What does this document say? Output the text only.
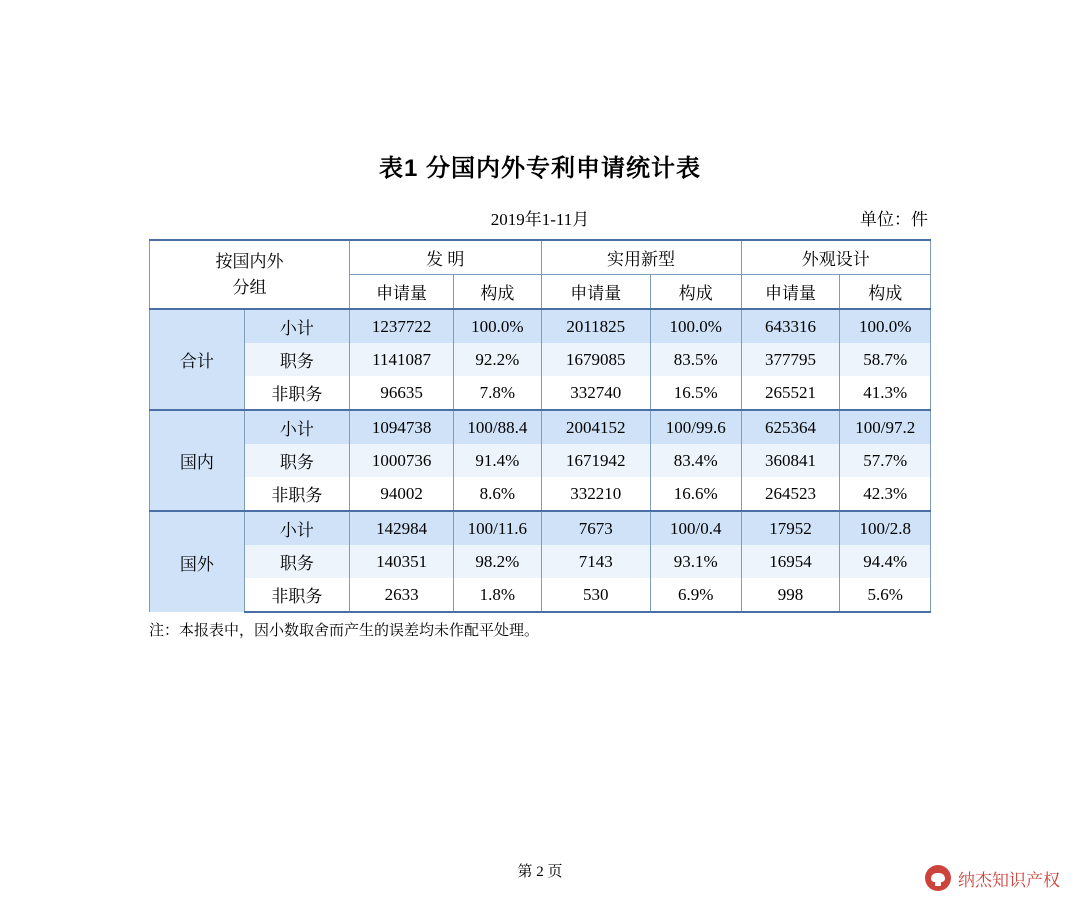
表1 分国内外专利申请统计表
2019年1-11月	单位：件
按国内外
分组		发 明		实用新型		外观设计	
		申请量	构成	申请量	构成	申请量	构成
合计	小计	1237722	100.0%	2011825	100.0%	643316	100.0%
	职务	1141087	92.2%	1679085	83.5%	377795	58.7%
	非职务	96635	7.8%	332740	16.5%	265521	41.3%
国内	小计	1094738	100/88.4	2004152	100/99.6	625364	100/97.2
	职务	1000736	91.4%	1671942	83.4%	360841	57.7%
	非职务	94002	8.6%	332210	16.6%	264523	42.3%
国外	小计	142984	100/11.6	7673	100/0.4	17952	100/2.8
	职务	140351	98.2%	7143	93.1%	16954	94.4%
	非职务	2633	1.8%	530	6.9%	998	5.6%
注：本报表中，因小数取舍而产生的误差均未作配平处理。
第 2 页	纳杰知识产权
